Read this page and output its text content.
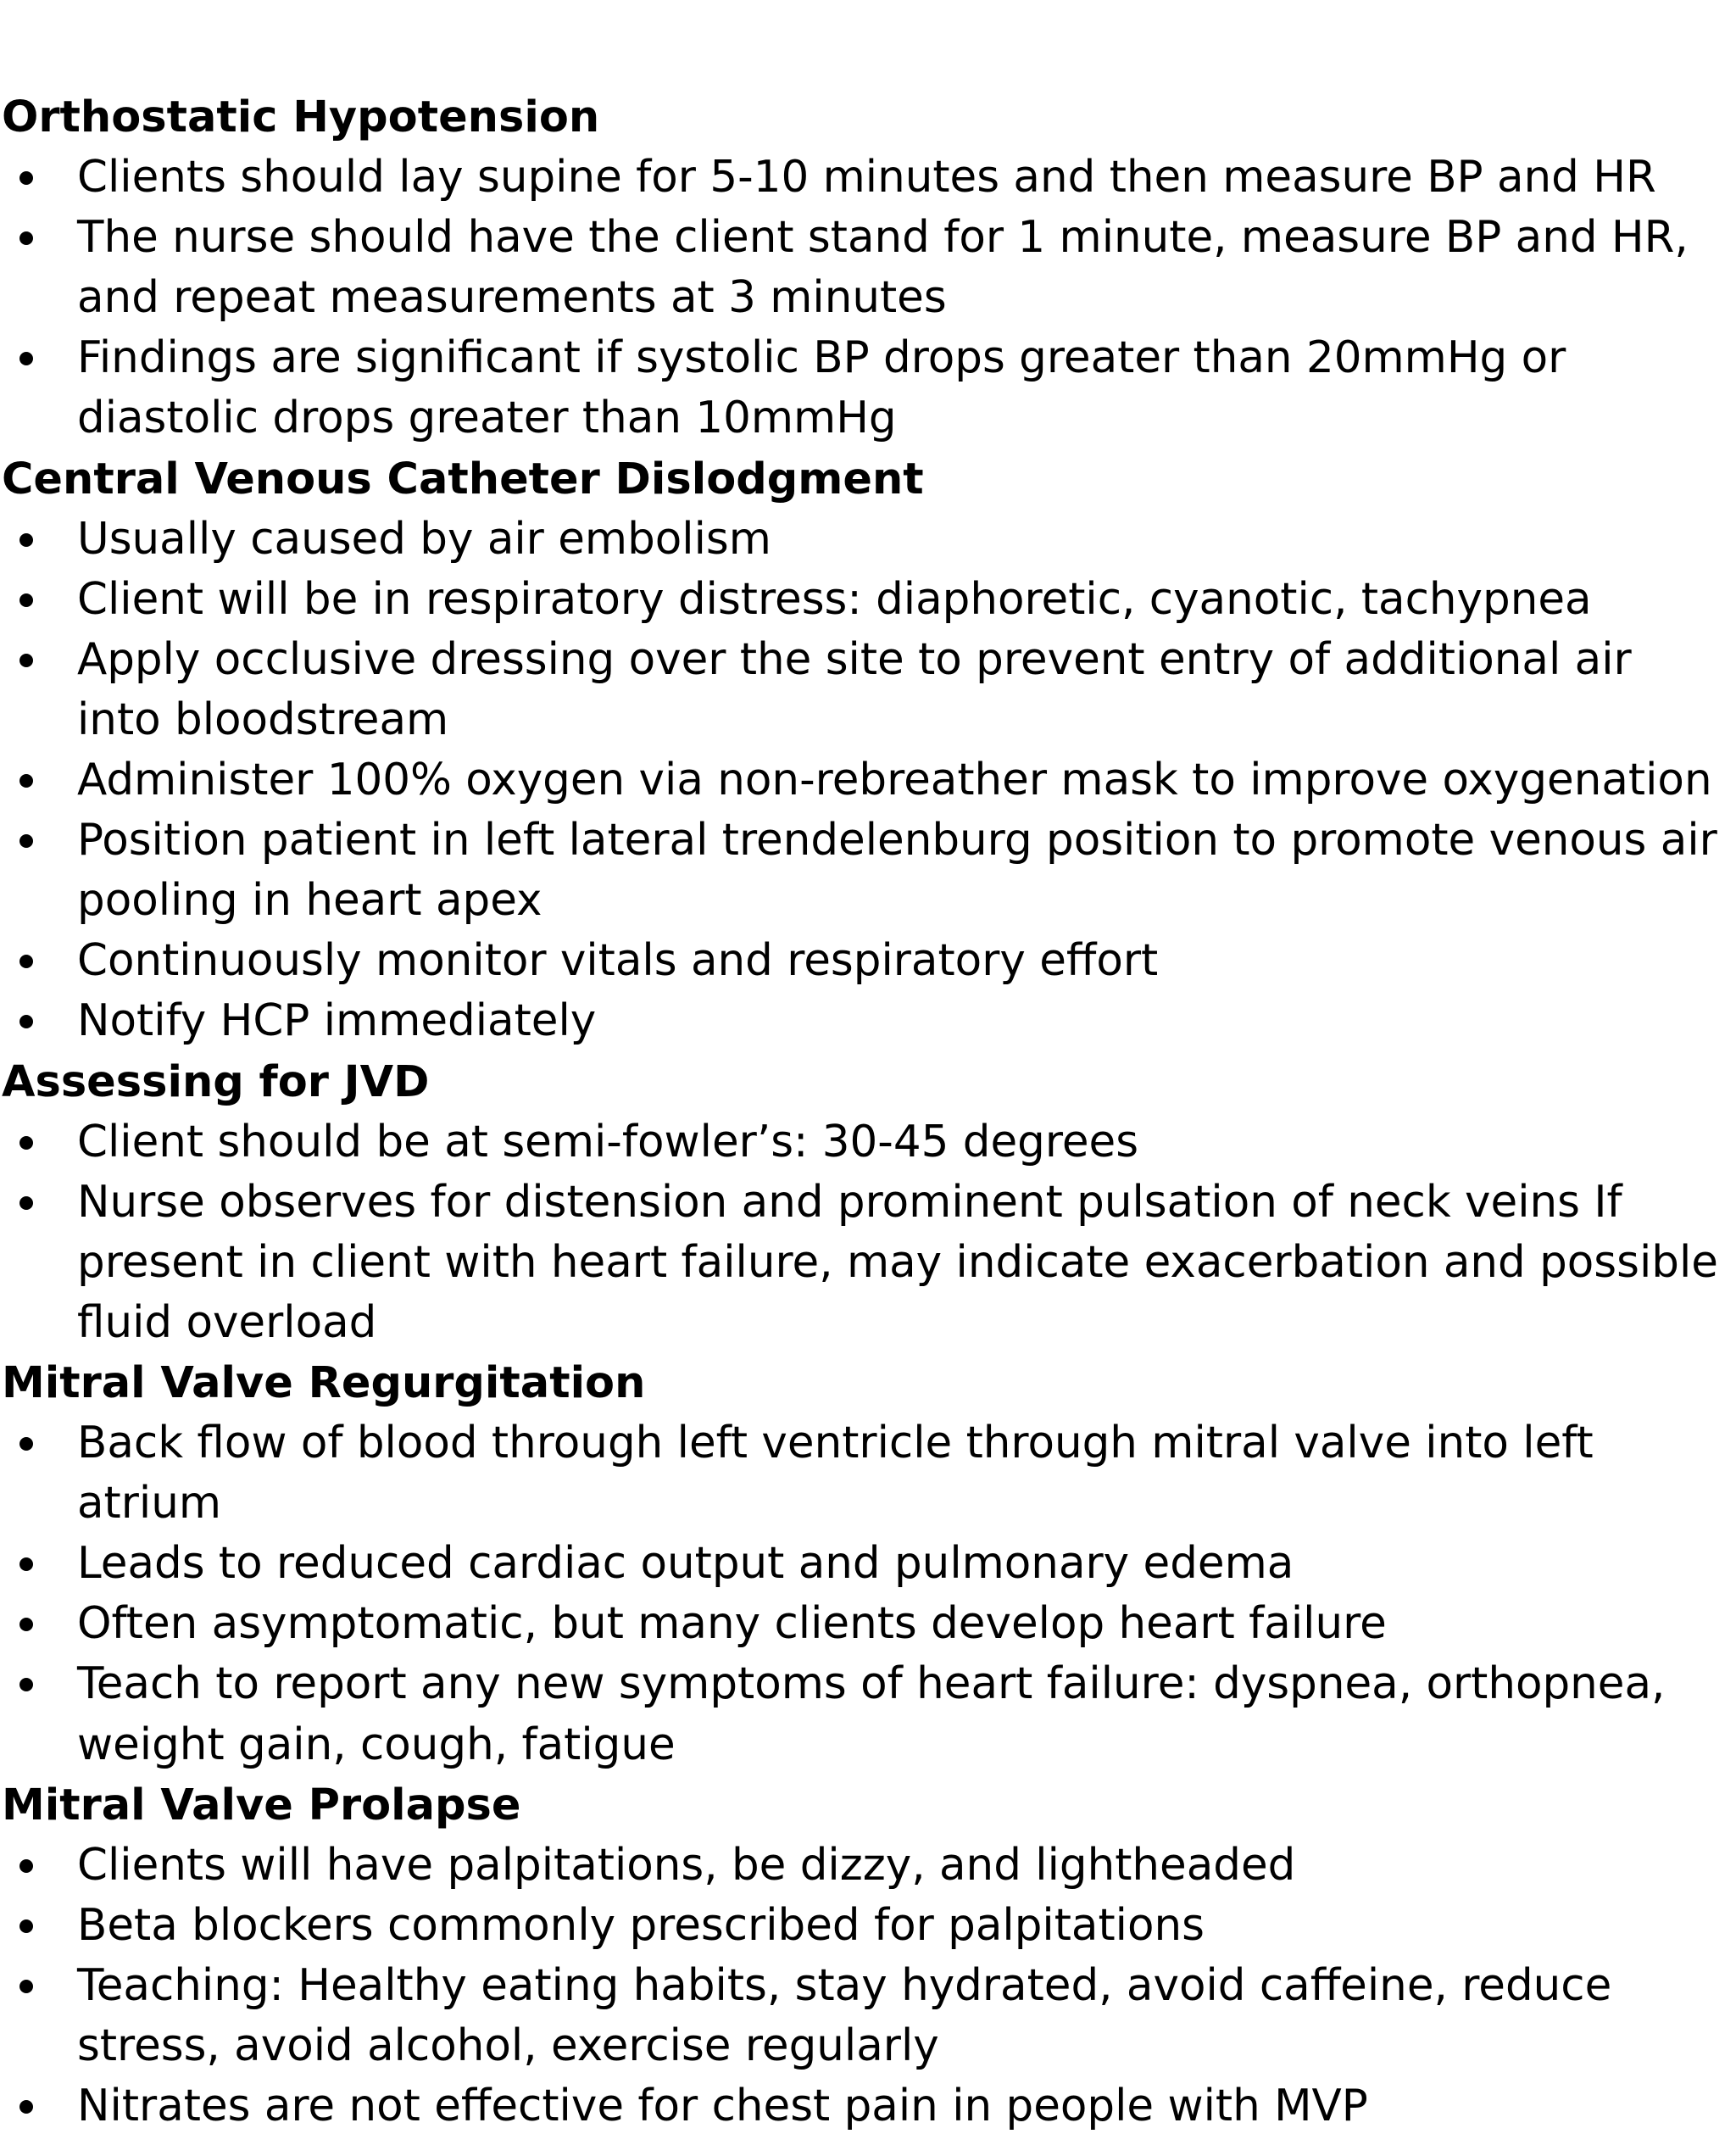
Orthostatic Hypotension
Clients should lay supine for 5-10 minutes and then measure BP and HR
The nurse should have the client stand for 1 minute, measure BP and HR, and repeat measurements at 3 minutes
Findings are significant if systolic BP drops greater than 20mmHg or diastolic drops greater than 10mmHg
Central Venous Catheter Dislodgment
Usually caused by air embolism
Client will be in respiratory distress: diaphoretic, cyanotic, tachypnea
Apply occlusive dressing over the site to prevent entry of additional air into bloodstream
Administer 100% oxygen via non-rebreather mask to improve oxygenation
Position patient in left lateral trendelenburg position to promote venous air pooling in heart apex
Continuously monitor vitals and respiratory effort
Notify HCP immediately
Assessing for JVD
Client should be at semi-fowler’s: 30-45 degrees
Nurse observes for distension and prominent pulsation of neck veins If present in client with heart failure, may indicate exacerbation and possible fluid overload
Mitral Valve Regurgitation
Back flow of blood through left ventricle through mitral valve into left atrium
Leads to reduced cardiac output and pulmonary edema
Often asymptomatic, but many clients develop heart failure
Teach to report any new symptoms of heart failure: dyspnea, orthopnea, weight gain, cough, fatigue
Mitral Valve Prolapse
Clients will have palpitations, be dizzy, and lightheaded
Beta blockers commonly prescribed for palpitations
Teaching: Healthy eating habits, stay hydrated, avoid caffeine, reduce stress, avoid alcohol, exercise regularly
Nitrates are not effective for chest pain in people with MVP
